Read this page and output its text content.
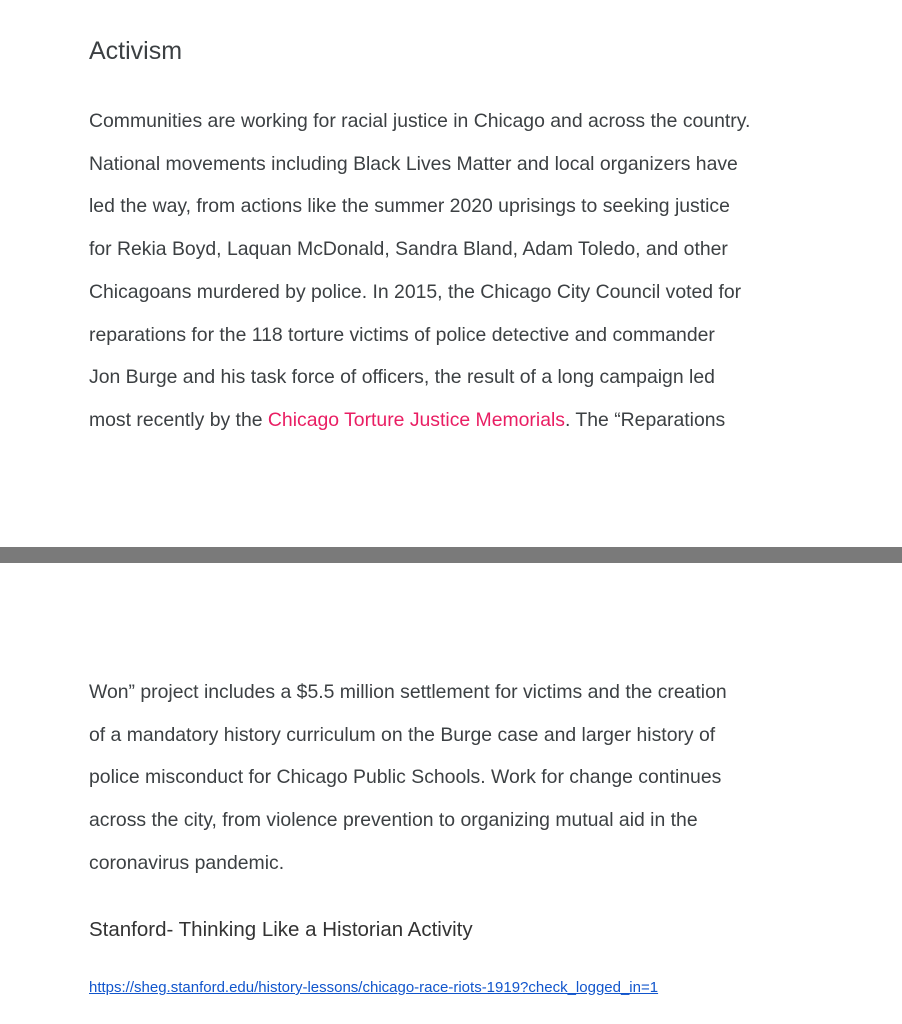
Activism

Communities are working for racial justice in Chicago and across the country.
National movements including Black Lives Matter and local organizers have
led the way, from actions like the summer 2020 uprisings to seeking justice
for Rekia Boyd, Laquan McDonald, Sandra Bland, Adam Toledo, and other
Chicagoans murdered by police. In 2015, the Chicago City Council voted for
reparations for the 118 torture victims of police detective and commander
Jon Burge and his task force of officers, the result of a long campaign led
most recently by the Chicago Torture Justice Memorials. The “Reparations

Won” project includes a $5.5 million settlement for victims and the creation
of a mandatory history curriculum on the Burge case and larger history of
police misconduct for Chicago Public Schools. Work for change continues
across the city, from violence prevention to organizing mutual aid in the
coronavirus pandemic.

Stanford- Thinking Like a Historian Activity
https://sheg.stanford.edu/history-lessons/chicago-race-riots-1919?check_logged_in=1
